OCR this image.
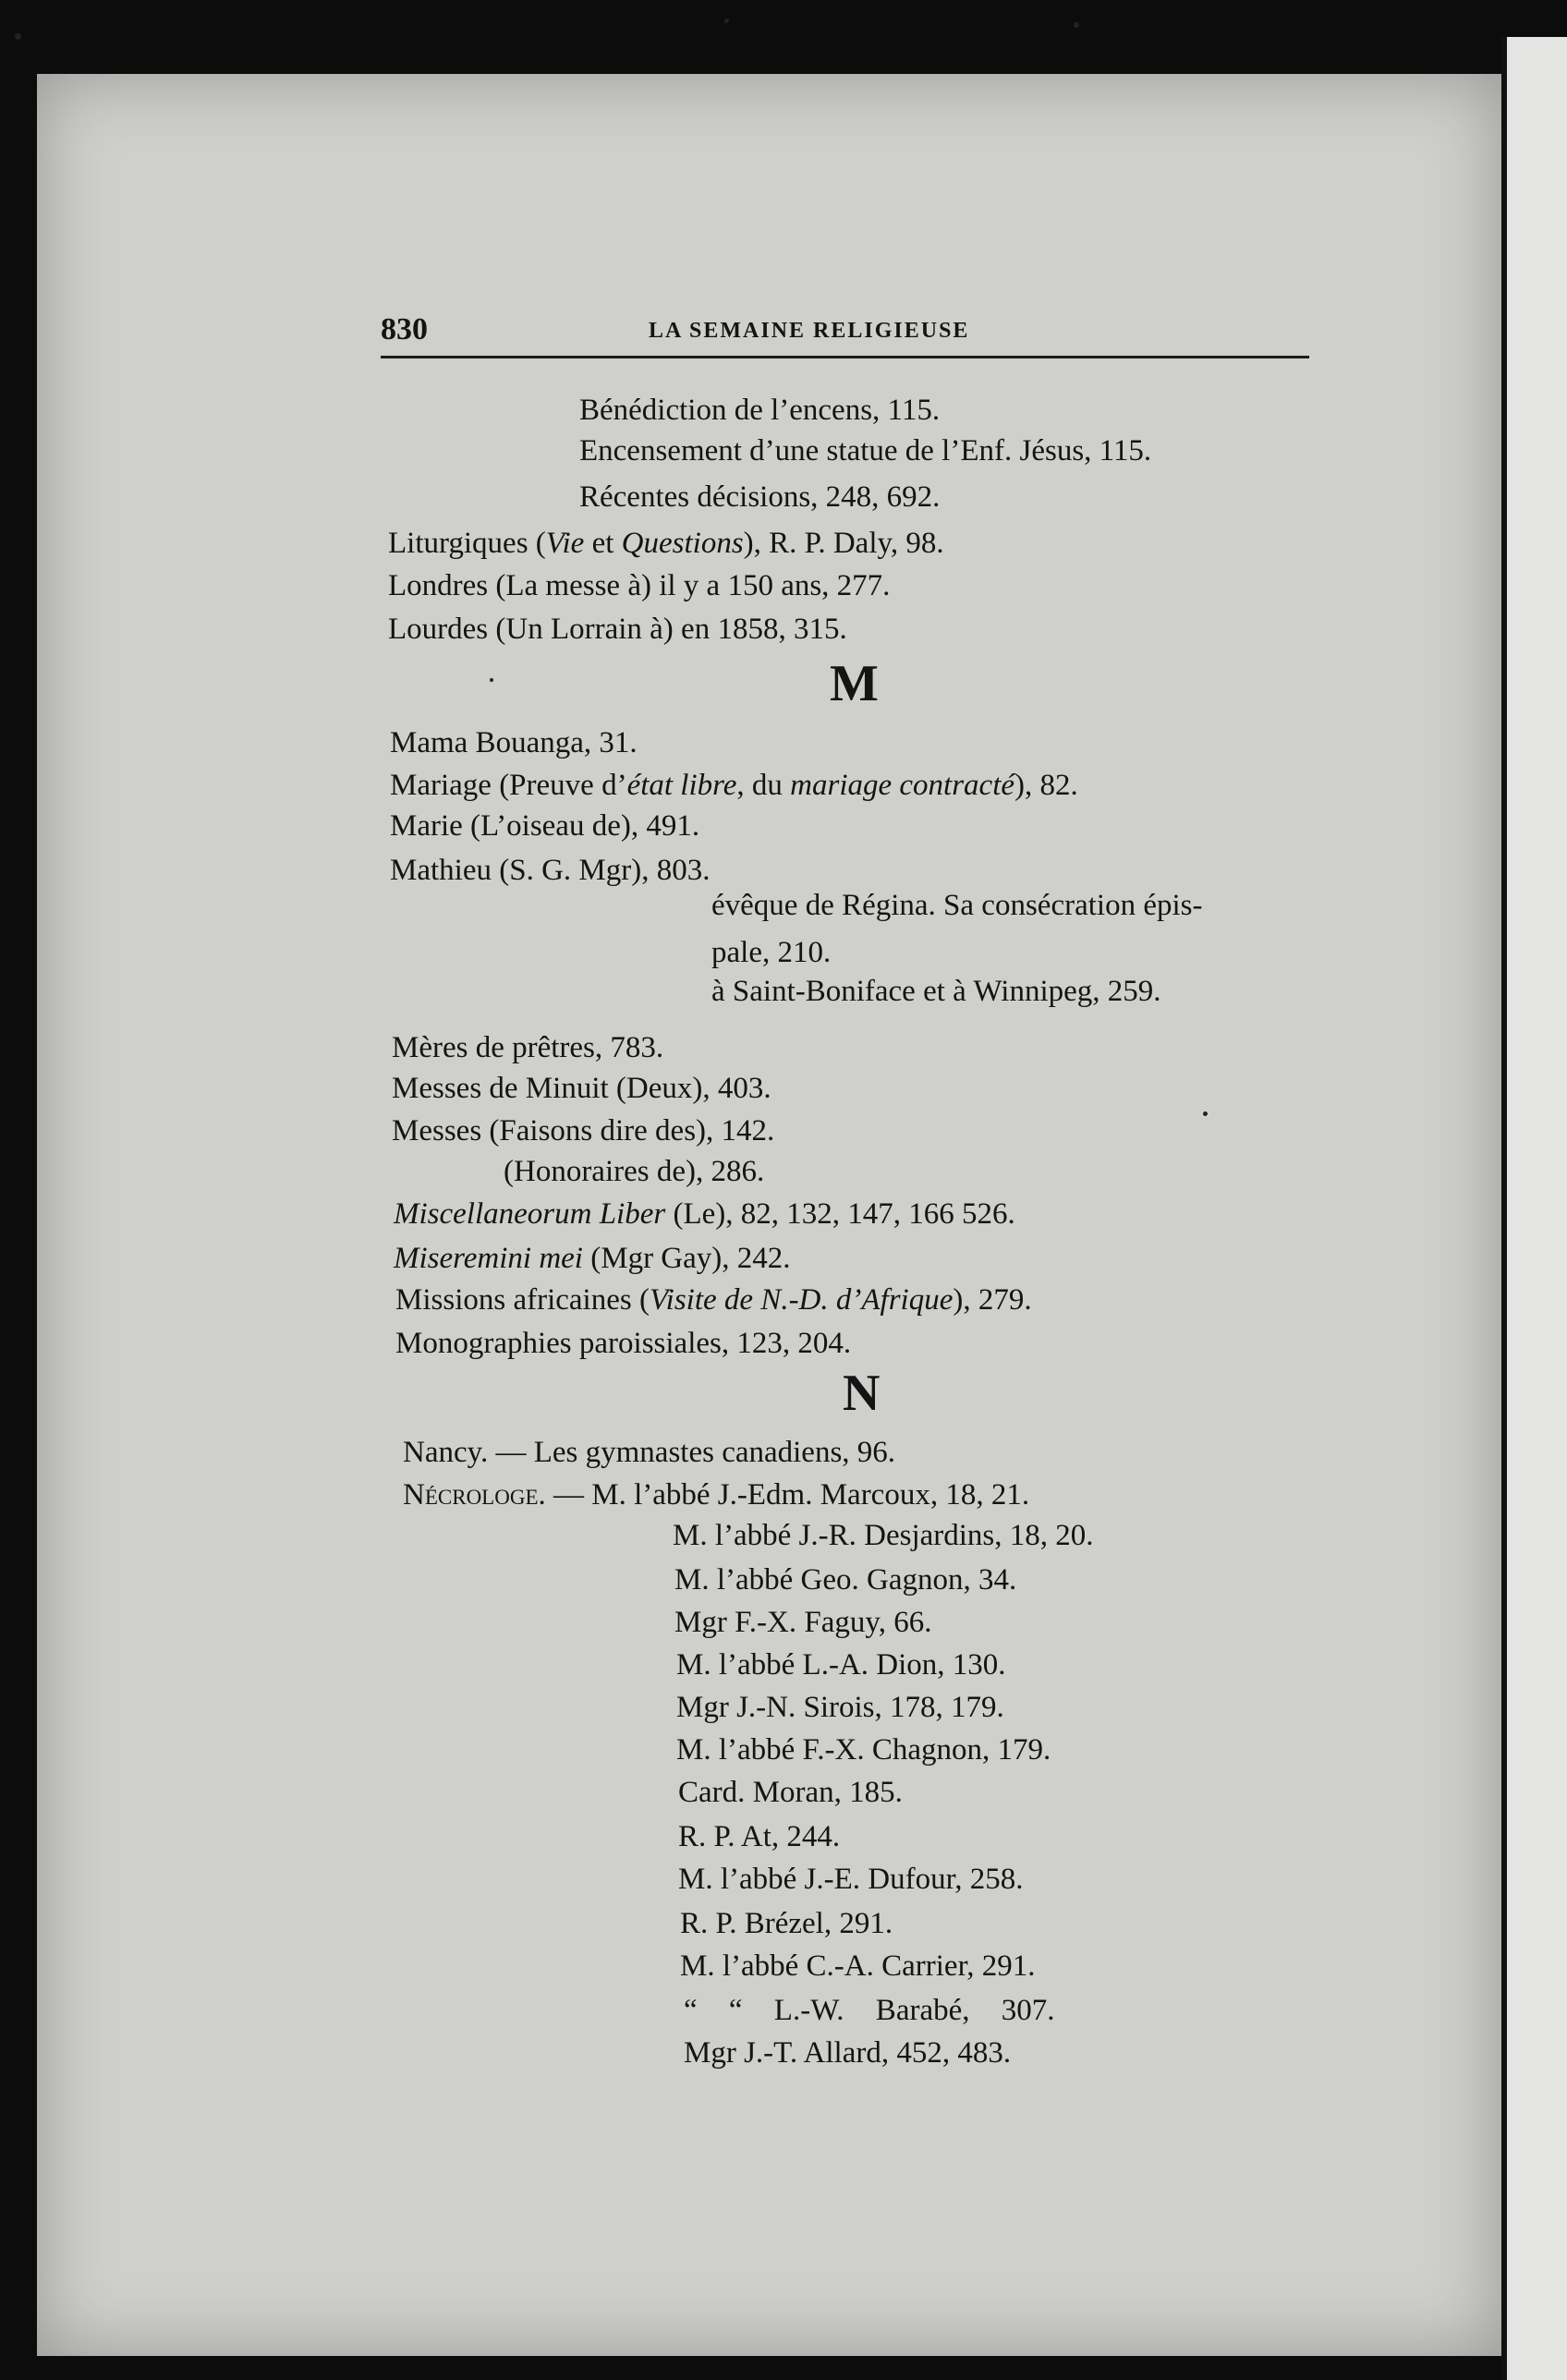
830	LA SEMAINE RELIGIEUSE
Bénédiction de l’encens, 115.
Encensement d’une statue de l’Enf. Jésus, 115.
Récentes décisions, 248, 692.
Liturgiques (Vie et Questions), R. P. Daly, 98.
Londres (La messe à) il y a 150 ans, 277.
Lourdes (Un Lorrain à) en 1858, 315.
M
Mama Bouanga, 31.
Mariage (Preuve d’état libre, du mariage contracté), 82.
Marie (L’oiseau de), 491.
Mathieu (S. G. Mgr), 803.
évêque de Régina. Sa consécration épis-
pale, 210.
à Saint-Boniface et à Winnipeg, 259.
Mères de prêtres, 783.
Messes de Minuit (Deux), 403.
Messes (Faisons dire des), 142.
(Honoraires de), 286.
Miscellaneorum Liber (Le), 82, 132, 147, 166 526.
Miseremini mei (Mgr Gay), 242.
Missions africaines (Visite de N.-D. d’Afrique), 279.
Monographies paroissiales, 123, 204.
N
Nancy. — Les gymnastes canadiens, 96.
Nécrologe. — M. l’abbé J.-Edm. Marcoux, 18, 21.
M. l’abbé J.-R. Desjardins, 18, 20.
M. l’abbé Geo. Gagnon, 34.
Mgr F.-X. Faguy, 66.
M. l’abbé L.-A. Dion, 130.
Mgr J.-N. Sirois, 178, 179.
M. l’abbé F.-X. Chagnon, 179.
Card. Moran, 185.
R. P. At, 244.
M. l’abbé J.-E. Dufour, 258.
R. P. Brézel, 291.
M. l’abbé C.-A. Carrier, 291.
“ “ L.-W. Barabé, 307.
Mgr J.-T. Allard, 452, 483.
